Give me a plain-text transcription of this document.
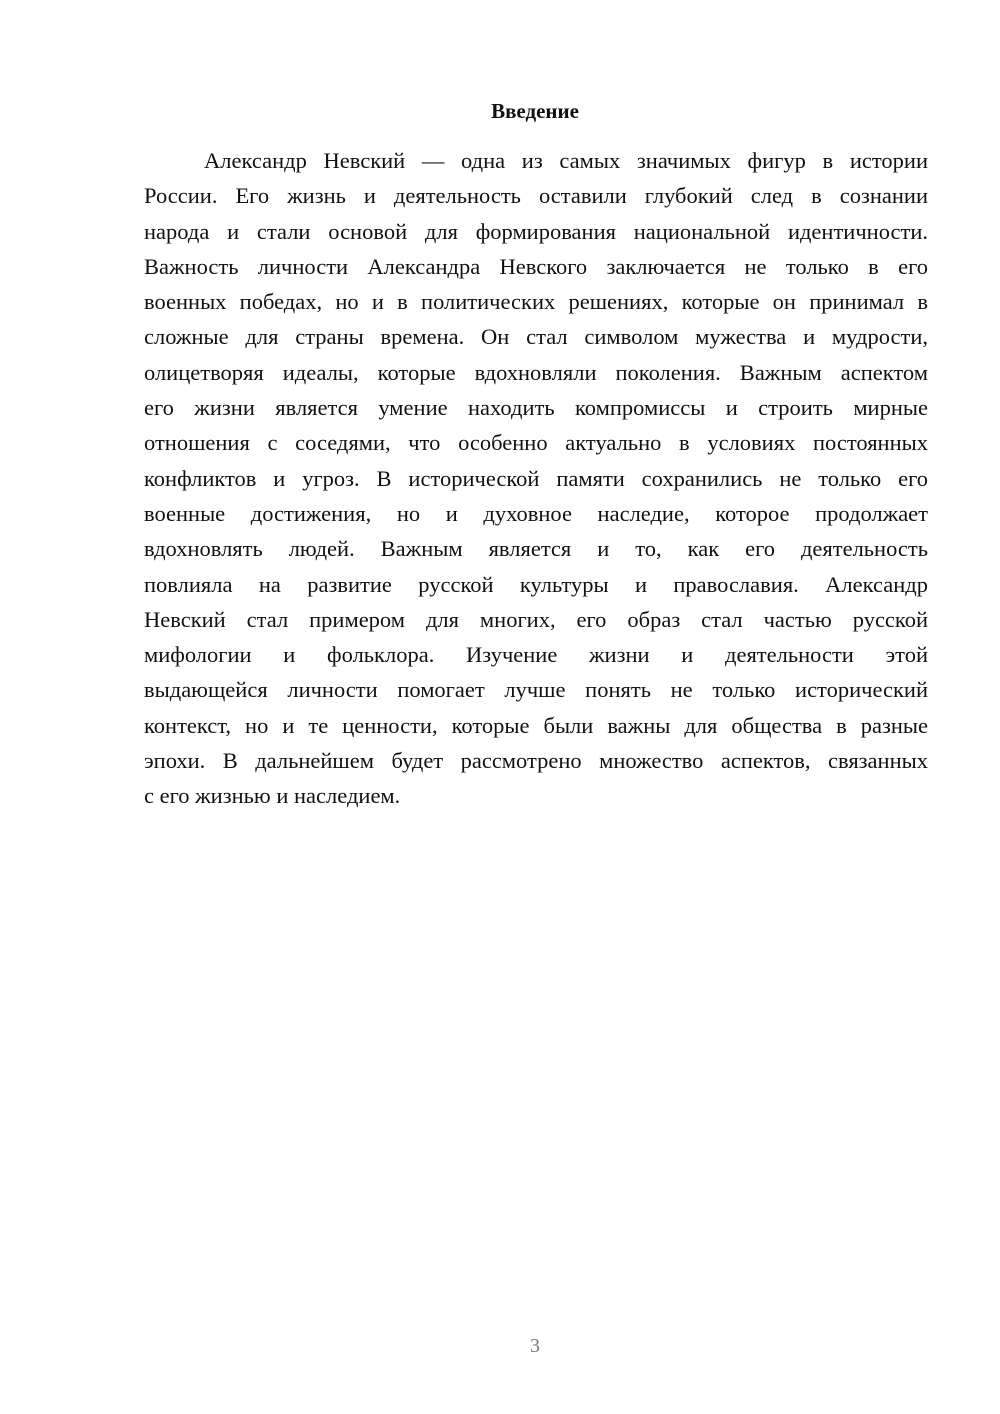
Введение
Александр Невский — одна из самых значимых фигур в истории
России. Его жизнь и деятельность оставили глубокий след в сознании
народа и стали основой для формирования национальной идентичности.
Важность личности Александра Невского заключается не только в его
военных победах, но и в политических решениях, которые он принимал в
сложные для страны времена. Он стал символом мужества и мудрости,
олицетворяя идеалы, которые вдохновляли поколения. Важным аспектом
его жизни является умение находить компромиссы и строить мирные
отношения с соседями, что особенно актуально в условиях постоянных
конфликтов и угроз. В исторической памяти сохранились не только его
военные достижения, но и духовное наследие, которое продолжает
вдохновлять людей. Важным является и то, как его деятельность
повлияла на развитие русской культуры и православия. Александр
Невский стал примером для многих, его образ стал частью русской
мифологии и фольклора. Изучение жизни и деятельности этой
выдающейся личности помогает лучше понять не только исторический
контекст, но и те ценности, которые были важны для общества в разные
эпохи. В дальнейшем будет рассмотрено множество аспектов, связанных
с его жизнью и наследием.
3
